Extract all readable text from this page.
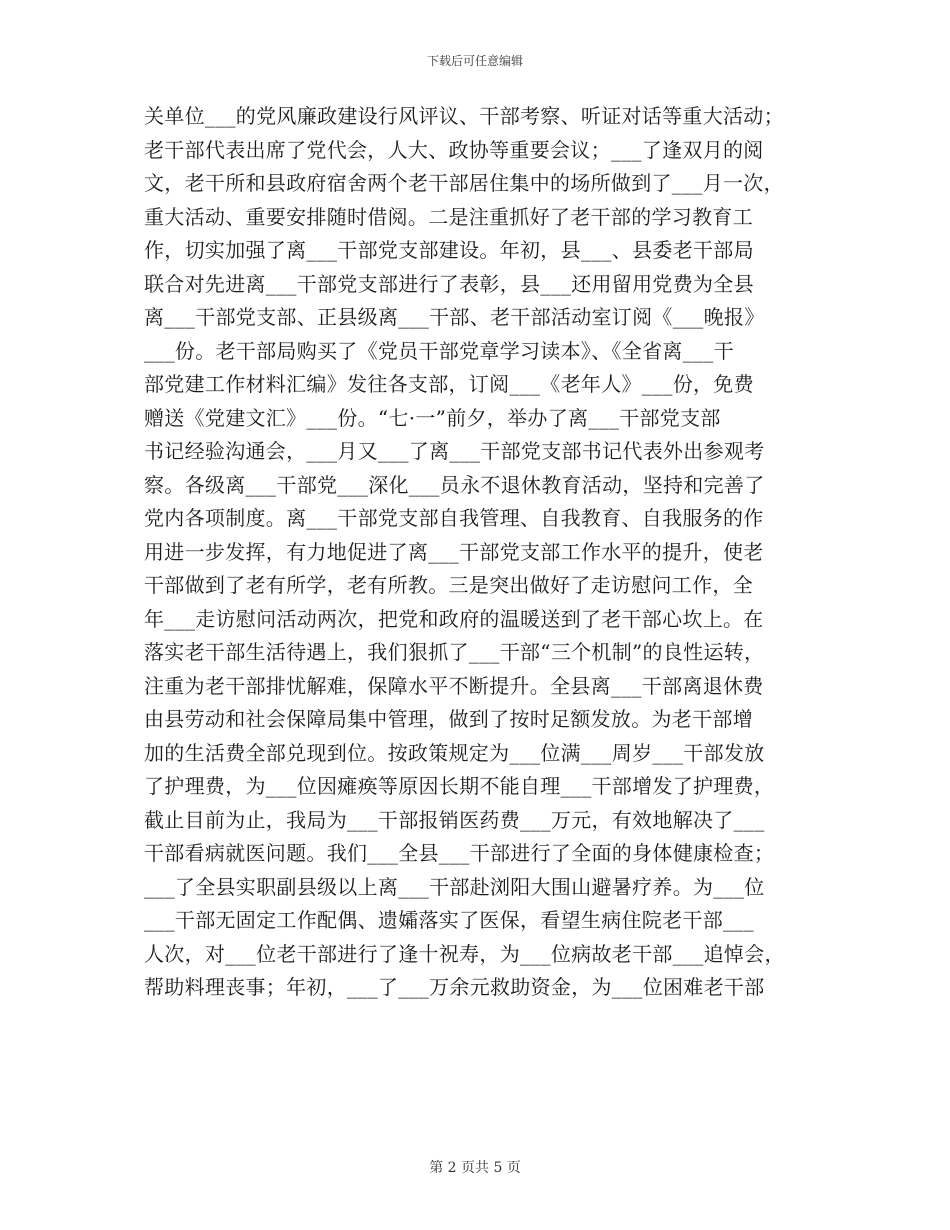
下载后可任意编辑
关单位___的党风廉政建设行风评议、干部考察、听证对话等重大活动；
老干部代表出席了党代会，人大、政协等重要会议；___了逢双月的阅
文，老干所和县政府宿舍两个老干部居住集中的场所做到了___月一次，
重大活动、重要安排随时借阅。二是注重抓好了老干部的学习教育工
作，切实加强了离___干部党支部建设。年初，县___、县委老干部局
联合对先进离___干部党支部进行了表彰，县___还用留用党费为全县
离___干部党支部、正县级离___干部、老干部活动室订阅《___晚报》
___份。老干部局购买了《党员干部党章学习读本》、《全省离___干
部党建工作材料汇编》发往各支部，订阅___《老年人》___份，免费
赠送《党建文汇》___份。“七·一”前夕，举办了离___干部党支部
书记经验沟通会，___月又___了离___干部党支部书记代表外出参观考
察。各级离___干部党___深化___员永不退休教育活动，坚持和完善了
党内各项制度。离___干部党支部自我管理、自我教育、自我服务的作
用进一步发挥，有力地促进了离___干部党支部工作水平的提升，使老
干部做到了老有所学，老有所教。三是突出做好了走访慰问工作，全
年___走访慰问活动两次，把党和政府的温暖送到了老干部心坎上。在
落实老干部生活待遇上，我们狠抓了___干部“三个机制”的良性运转，
注重为老干部排忧解难，保障水平不断提升。全县离___干部离退休费
由县劳动和社会保障局集中管理，做到了按时足额发放。为老干部增
加的生活费全部兑现到位。按政策规定为___位满___周岁___干部发放
了护理费，为___位因瘫痪等原因长期不能自理___干部增发了护理费，
截止目前为止，我局为___干部报销医药费___万元，有效地解决了___
干部看病就医问题。我们___全县___干部进行了全面的身体健康检查；
___了全县实职副县级以上离___干部赴浏阳大围山避暑疗养。为___位
___干部无固定工作配偶、遗孀落实了医保，看望生病住院老干部___
人次，对___位老干部进行了逢十祝寿，为___位病故老干部___追悼会，
帮助料理丧事；年初，___了___万余元救助资金，为___位困难老干部
第 2 页共 5 页
